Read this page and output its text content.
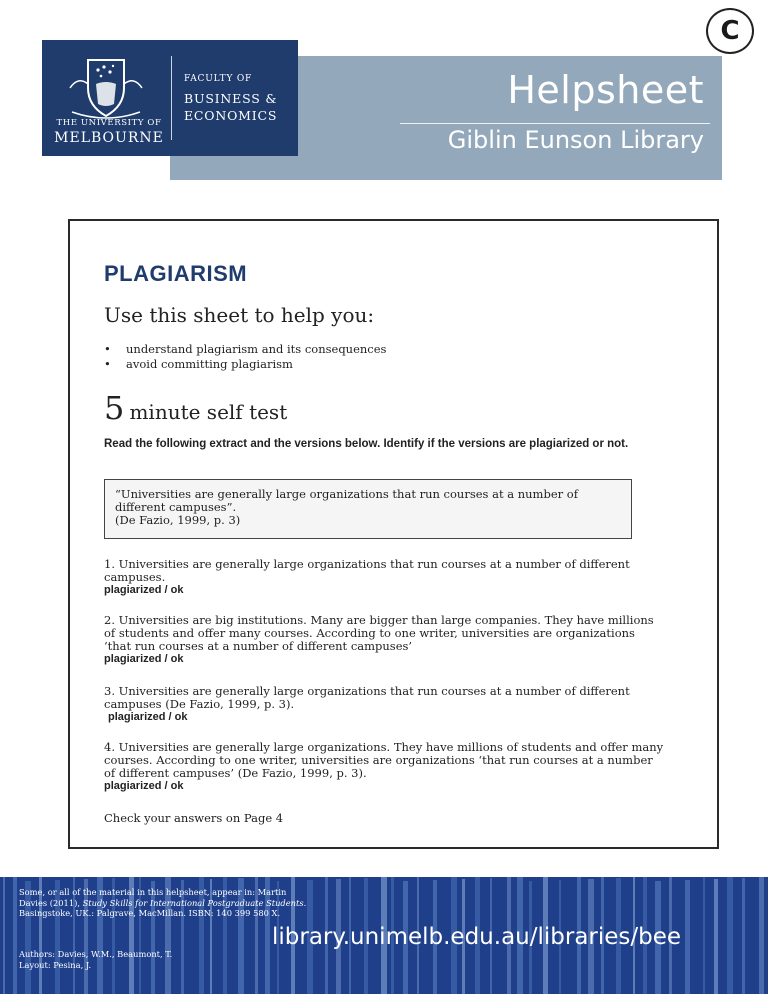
C
Helpsheet
Giblin Eunson Library
THE UNIVERSITY OF
MELBOURNE
FACULTY OF
BUSINESS &
ECONOMICS
PLAGIARISM
Use this sheet to help you:
• understand plagiarism and its consequences
• avoid committing plagiarism
5 minute self test
Read the following extract and the versions below. Identify if the versions are plagiarized or not.
“Universities are generally large organizations that run courses at a number of different campuses”.
(De Fazio, 1999, p. 3)
1. Universities are generally large organizations that run courses at a number of different campuses.
plagiarized / ok
2. Universities are big institutions. Many are bigger than large companies. They have millions of students and offer many courses. According to one writer, universities are organizations ‘that run courses at a number of different campuses’
plagiarized / ok
3. Universities are generally large organizations that run courses at a number of different campuses (De Fazio, 1999, p. 3).
plagiarized / ok
4. Universities are generally large organizations. They have millions of students and offer many courses. According to one writer, universities are organizations ‘that run courses at a number of different campuses’ (De Fazio, 1999, p. 3).
plagiarized / ok
Check your answers on Page 4
Some, or all of the material in this helpsheet, appear in: Martin
Davies (2011), Study Skills for International Postgraduate Students.
Basingstoke, UK.: Palgrave, MacMillan. ISBN: 140 399 580 X.
library.unimelb.edu.au/libraries/bee
Authors: Davies, W.M., Beaumont, T.
Layout: Pesina, J.
